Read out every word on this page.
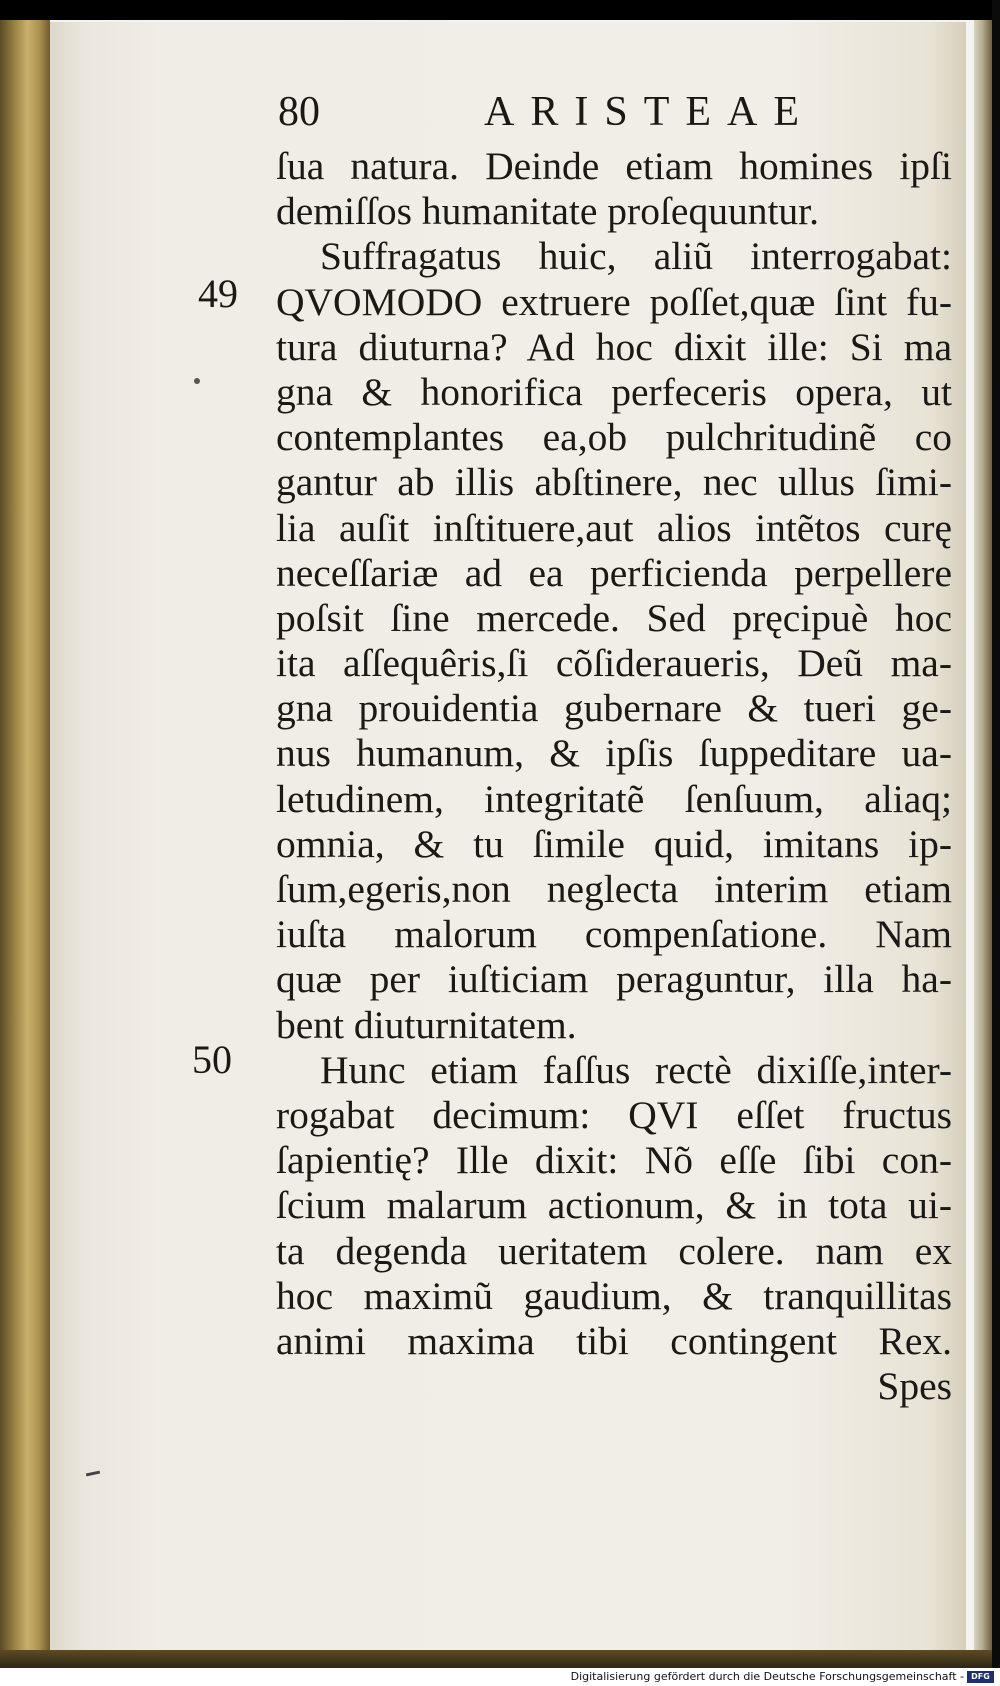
80	ARISTEAE
49
50
ſua natura. Deinde etiam homines ipſi
demiſſos humanitate proſequuntur.
Suffragatus huic, aliũ interrogabat:
QVOMODO extruere poſſet,quæ ſint fu-
tura diuturna? Ad hoc dixit ille: Si ma
gna & honorifica perfeceris opera, ut
contemplantes ea,ob pulchritudinẽ co
gantur ab illis abſtinere, nec ullus ſimi-
lia auſit inſtituere,aut alios intẽtos curę
neceſſariæ ad ea perficienda perpellere
poſsit ſine mercede. Sed pręcipuè hoc
ita aſſequêris,ſi cõſideraueris, Deũ ma-
gna prouidentia gubernare & tueri ge-
nus humanum, & ipſis ſuppeditare ua-
letudinem, integritatẽ ſenſuum, aliaq;
omnia, & tu ſimile quid, imitans ip-
ſum,egeris,non neglecta interim etiam
iuſta malorum compenſatione. Nam
quæ per iuſticiam peraguntur, illa ha-
bent diuturnitatem.
Hunc etiam faſſus rectè dixiſſe,inter-
rogabat decimum: QVI eſſet fructus
ſapientię? Ille dixit: Nõ eſſe ſibi con-
ſcium malarum actionum, & in tota ui-
ta degenda ueritatem colere. nam ex
hoc maximũ gaudium, & tranquillitas
animi maxima tibi contingent Rex.
Spes
Digitalisierung gefördert durch die Deutsche Forschungsgemeinschaft - DFG
